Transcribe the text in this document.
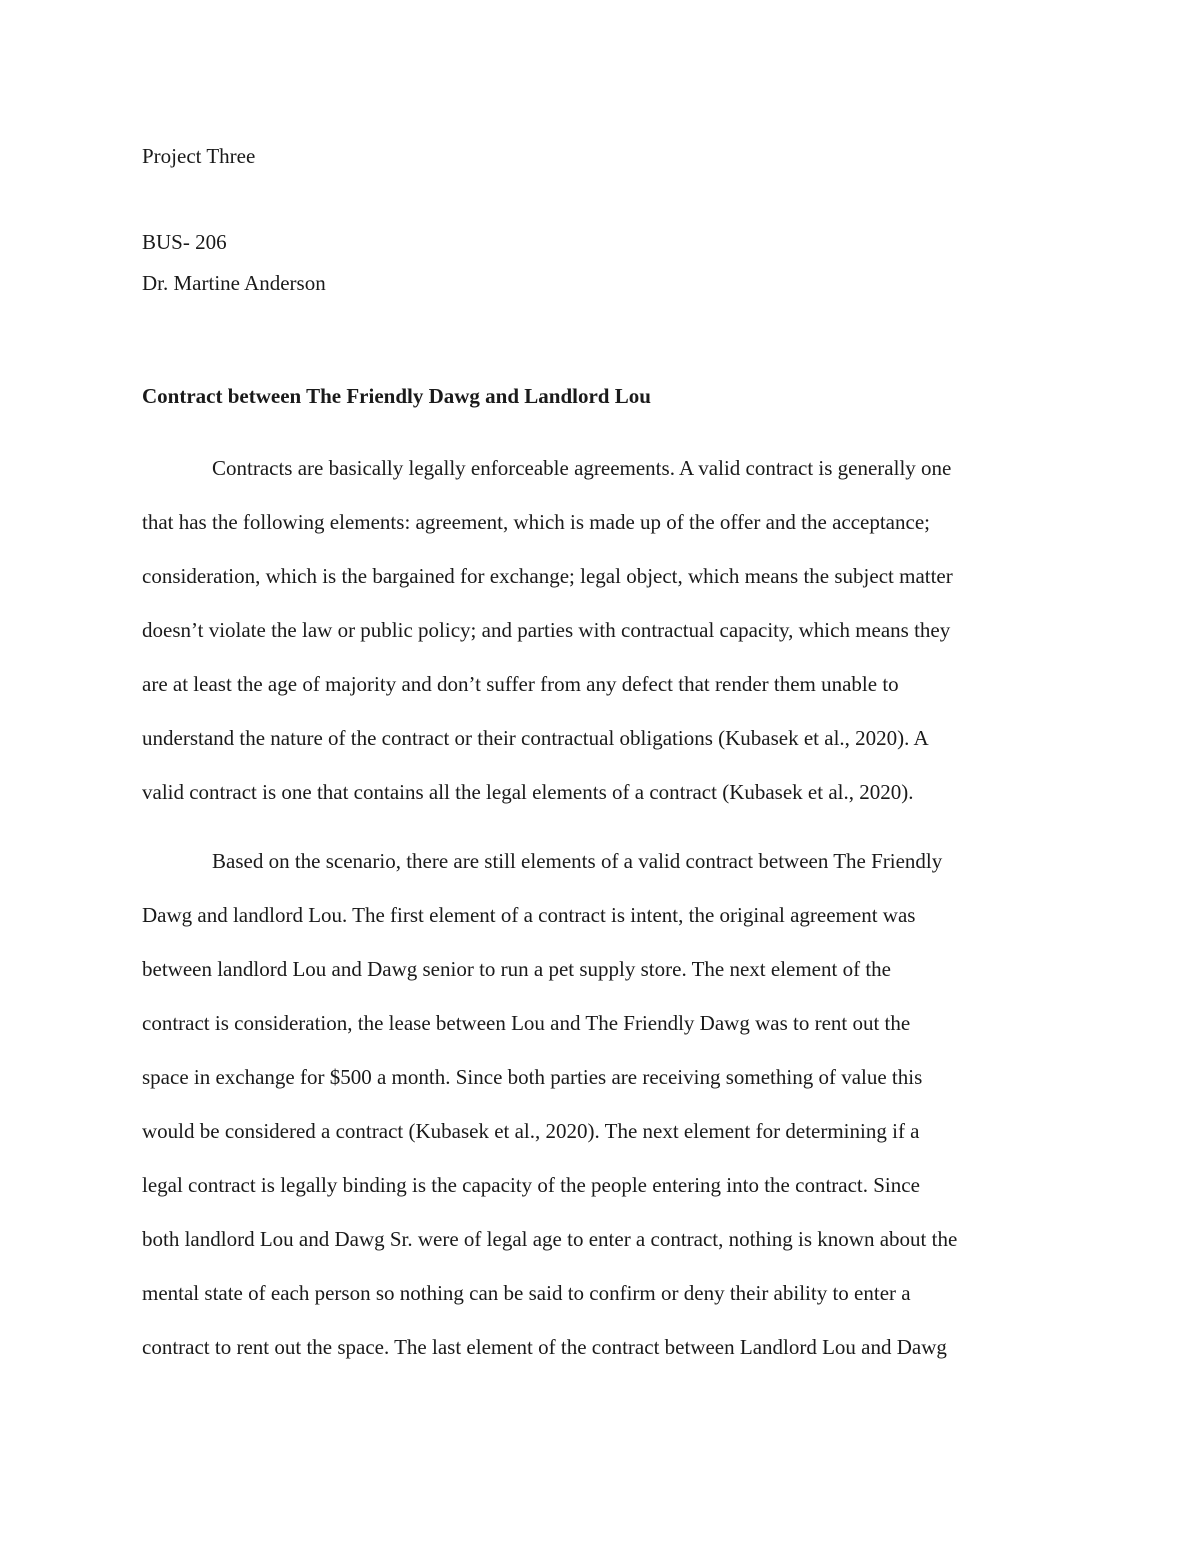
Project Three
BUS- 206
Dr. Martine Anderson
Contract between The Friendly Dawg and Landlord Lou
Contracts are basically legally enforceable agreements. A valid contract is generally one
that has the following elements: agreement, which is made up of the offer and the acceptance;
consideration, which is the bargained for exchange; legal object, which means the subject matter
doesn’t violate the law or public policy; and parties with contractual capacity, which means they
are at least the age of majority and don’t suffer from any defect that render them unable to
understand the nature of the contract or their contractual obligations (Kubasek et al., 2020). A
valid contract is one that contains all the legal elements of a contract (Kubasek et al., 2020).
Based on the scenario, there are still elements of a valid contract between The Friendly
Dawg and landlord Lou. The first element of a contract is intent, the original agreement was
between landlord Lou and Dawg senior to run a pet supply store. The next element of the
contract is consideration, the lease between Lou and The Friendly Dawg was to rent out the
space in exchange for $500 a month. Since both parties are receiving something of value this
would be considered a contract (Kubasek et al., 2020). The next element for determining if a
legal contract is legally binding is the capacity of the people entering into the contract. Since
both landlord Lou and Dawg Sr. were of legal age to enter a contract, nothing is known about the
mental state of each person so nothing can be said to confirm or deny their ability to enter a
contract to rent out the space. The last element of the contract between Landlord Lou and Dawg
